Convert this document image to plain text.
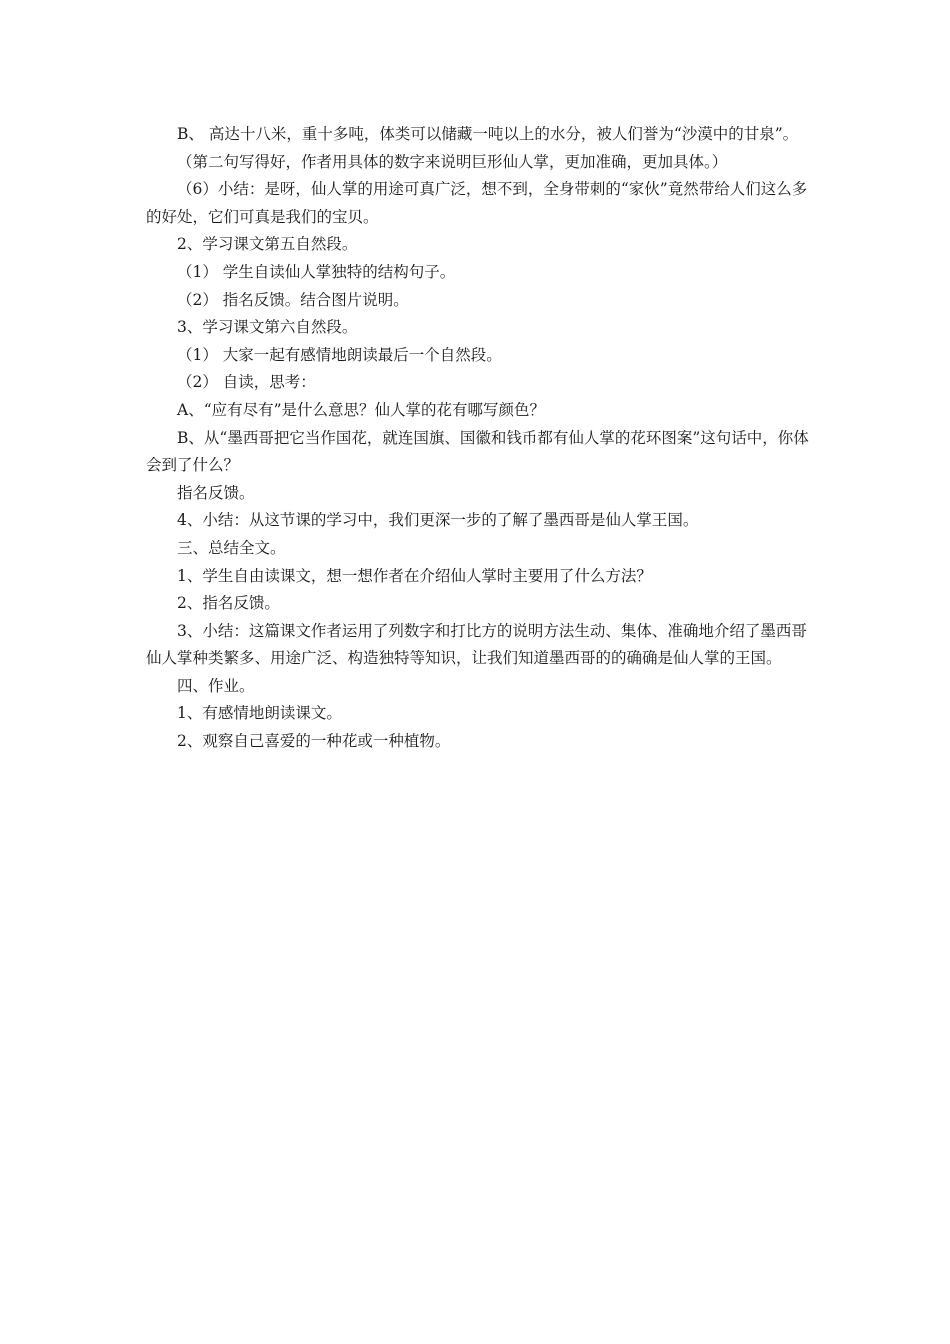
B、 高达十八米，重十多吨，体类可以储藏一吨以上的水分，被人们誉为“沙漠中的甘泉”。

（第二句写得好，作者用具体的数字来说明巨形仙人掌，更加准确，更加具体。）

（6）小结：是呀，仙人掌的用途可真广泛，想不到，全身带刺的“家伙”竟然带给人们这么多的好处，它们可真是我们的宝贝。

2、学习课文第五自然段。

（1） 学生自读仙人掌独特的结构句子。

（2） 指名反馈。结合图片说明。

3、学习课文第六自然段。

（1） 大家一起有感情地朗读最后一个自然段。

（2） 自读，思考：

A、“应有尽有”是什么意思？仙人掌的花有哪写颜色？

B、从“墨西哥把它当作国花，就连国旗、国徽和钱币都有仙人掌的花环图案”这句话中，你体会到了什么？

指名反馈。

4、小结：从这节课的学习中，我们更深一步的了解了墨西哥是仙人掌王国。

三、总结全文。

1、学生自由读课文，想一想作者在介绍仙人掌时主要用了什么方法？

2、指名反馈。

3、小结：这篇课文作者运用了列数字和打比方的说明方法生动、集体、准确地介绍了墨西哥仙人掌种类繁多、用途广泛、构造独特等知识，让我们知道墨西哥的的确确是仙人掌的王国。

四、作业。

1、有感情地朗读课文。

2、观察自己喜爱的一种花或一种植物。
